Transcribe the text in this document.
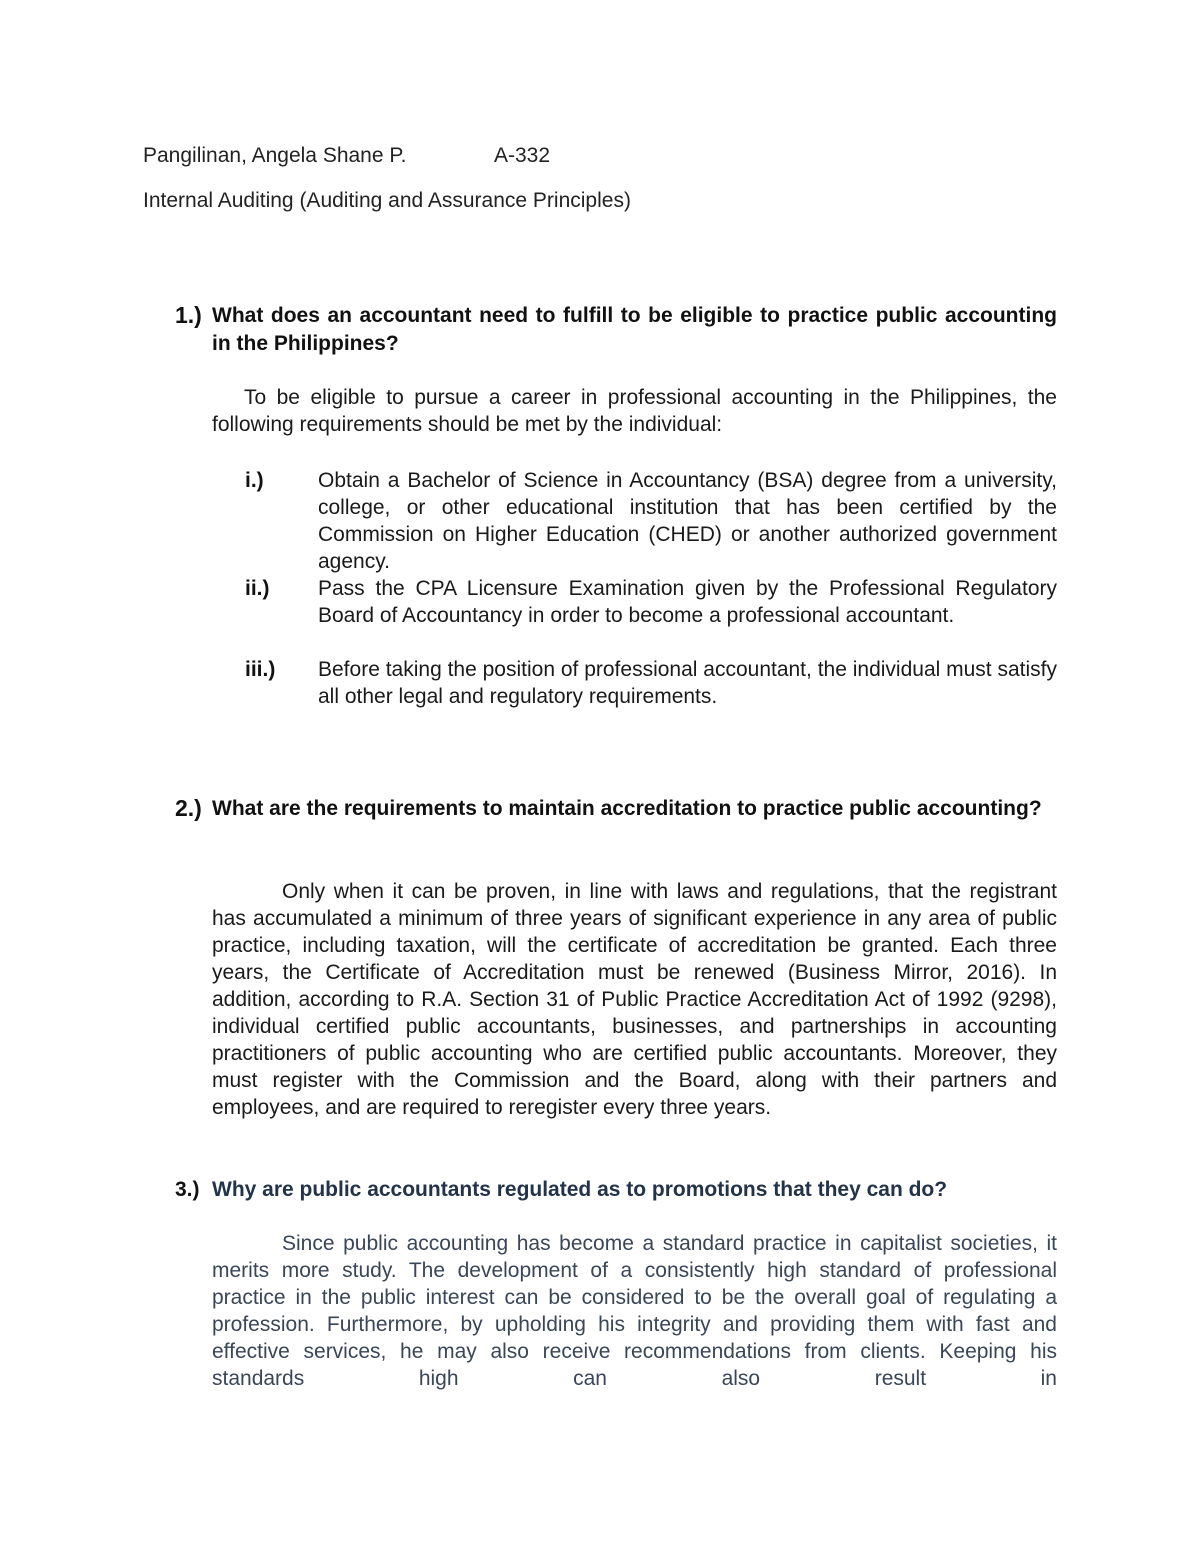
Pangilinan, Angela Shane P.	A-332
Internal Auditing (Auditing and Assurance Principles)
1.) What does an accountant need to fulfill to be eligible to practice public accounting in the Philippines?
To be eligible to pursue a career in professional accounting in the Philippines, the following requirements should be met by the individual:
i.)	Obtain a Bachelor of Science in Accountancy (BSA) degree from a university, college, or other educational institution that has been certified by the Commission on Higher Education (CHED) or another authorized government agency.
ii.) Pass the CPA Licensure Examination given by the Professional Regulatory Board of Accountancy in order to become a professional accountant.
iii.) Before taking the position of professional accountant, the individual must satisfy all other legal and regulatory requirements.
2.) What are the requirements to maintain accreditation to practice public accounting?
Only when it can be proven, in line with laws and regulations, that the registrant has accumulated a minimum of three years of significant experience in any area of public practice, including taxation, will the certificate of accreditation be granted. Each three years, the Certificate of Accreditation must be renewed (Business Mirror, 2016). In addition, according to R.A. Section 31 of Public Practice Accreditation Act of 1992 (9298), individual certified public accountants, businesses, and partnerships in accounting practitioners of public accounting who are certified public accountants. Moreover, they must register with the Commission and the Board, along with their partners and employees, and are required to reregister every three years.
3.) Why are public accountants regulated as to promotions that they can do?
Since public accounting has become a standard practice in capitalist societies, it merits more study. The development of a consistently high standard of professional practice in the public interest can be considered to be the overall goal of regulating a profession. Furthermore, by upholding his integrity and providing them with fast and effective services, he may also receive recommendations from clients. Keeping his standards high can also result in
